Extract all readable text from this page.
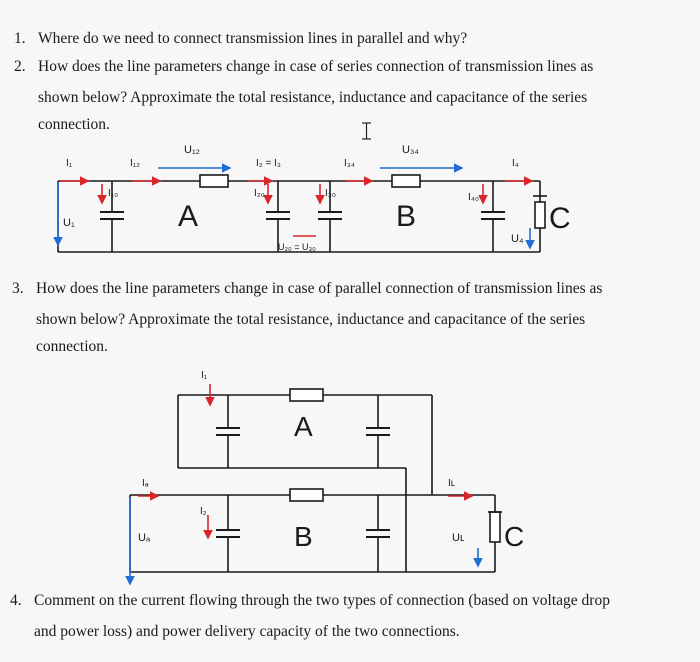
1. Where do we need to connect transmission lines in parallel and why?
2. How does the line parameters change in case of series connection of transmission lines as
shown below? Approximate the total resistance, inductance and capacitance of the series
connection.
I₁	I₁₂
U₁₂
I₂ = I₃	I₃₄
U₃₄
I₄
I₁₀	I₂₀	I₃₀	I₄₀
U₁
U₄
U₂₀ = U₃₀
A	B	C
I₁
Iₐ
I₂
Iʟ
Uₐ	Uʟ
A
B	C
3. How does the line parameters change in case of parallel connection of transmission lines as
shown below? Approximate the total resistance, inductance and capacitance of the series
connection.
4. Comment on the current flowing through the two types of connection (based on voltage drop
and power loss) and power delivery capacity of the two connections.
